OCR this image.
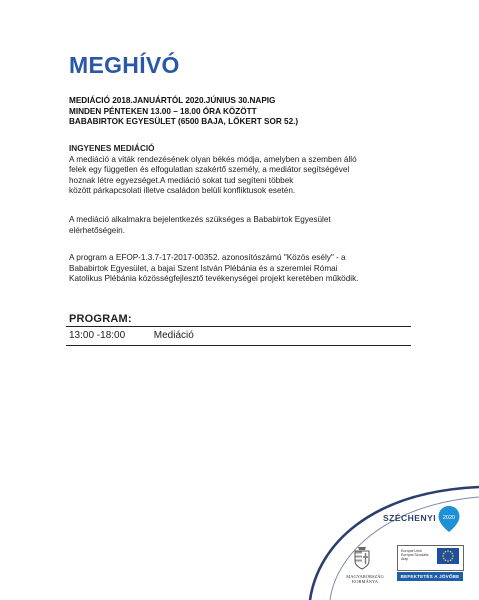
MEGHÍVÓ
MEDIÁCIÓ 2018.JANUÁRTÓL 2020.JÚNIUS 30.NAPIG
MINDEN PÉNTEKEN 13.00 – 18.00 ÓRA KÖZÖTT
BABABIRTOK EGYESÜLET (6500 BAJA, LŐKERT SOR 52.)
INGYENES MEDIÁCIÓ
A mediáció a viták rendezésének olyan békés módja, amelyben a szemben álló
felek egy független és elfogulatlan szakértő személy, a mediátor segítségével
hoznak létre egyezséget.A mediáció sokat tud segíteni többek
között párkapcsolati illetve családon belüli konfliktusok esetén.
A mediáció alkalmakra bejelentkezés szükséges a Bababirtok Egyesület
elérhetőségein.
A program a EFOP-1.3.7-17-2017-00352. azonosítószámú "Közös esély" - a
Bababirtok Egyesület, a bajai Szent István Plébánia és a szeremlei Római
Katolikus Plébánia közösségfejlesztő tevékenységei projekt keretében működik.
PROGRAM:
13:00 -18:00	Mediáció
SZÉCHENYI 2020
MAGYARORSZÁG KORMÁNYA
Európai Unió Európai Szociális Alap
BEFEKTETÉS A JÖVŐBE
